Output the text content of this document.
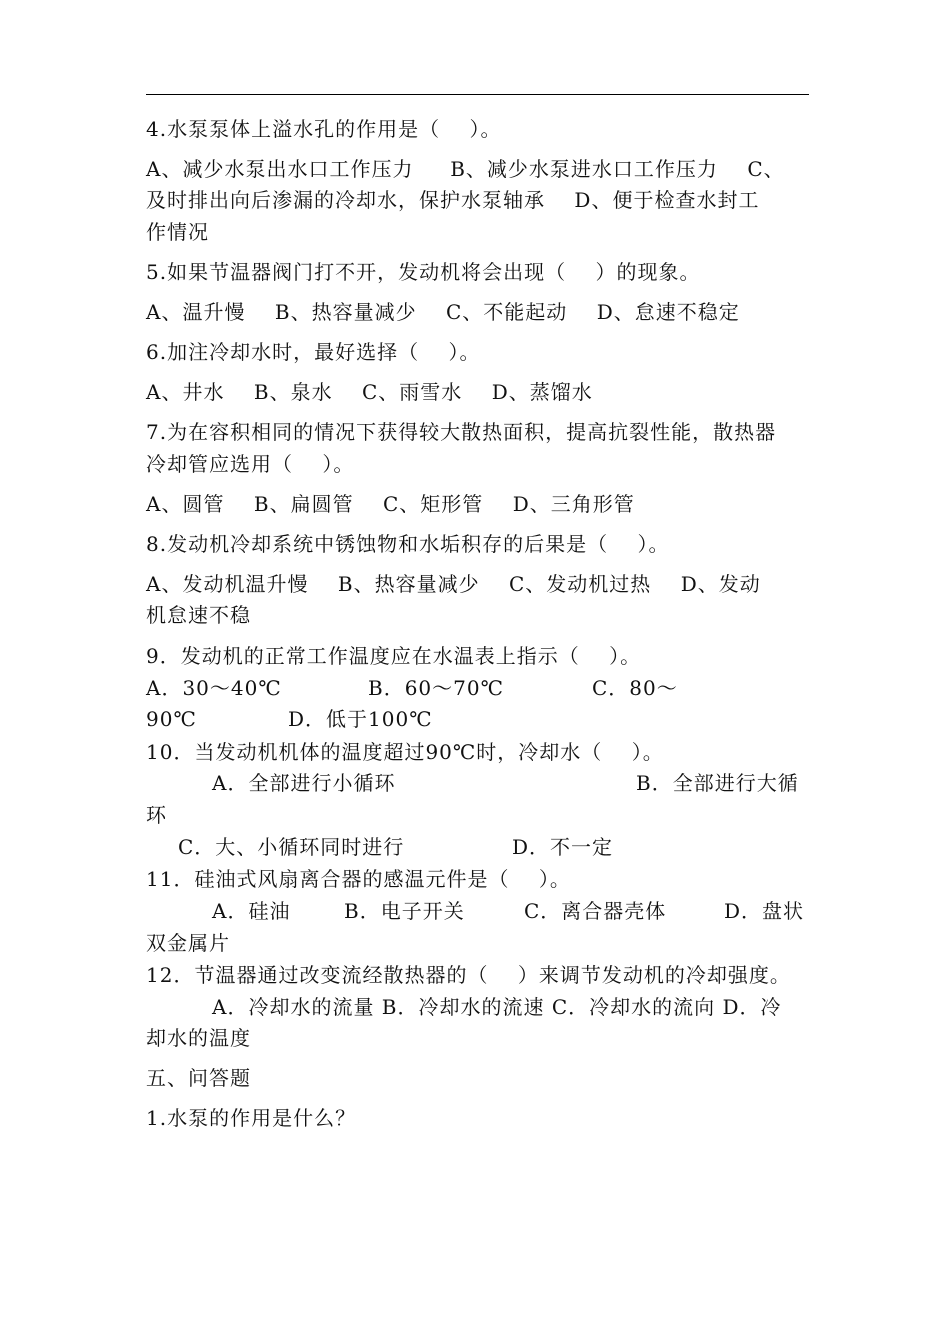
4.水泵泵体上溢水孔的作用是（    ）。
A、减少水泵出水口工作压力     B、减少水泵进水口工作压力    C、
及时排出向后渗漏的冷却水，保护水泵轴承    D、便于检查水封工
作情况
5.如果节温器阀门打不开，发动机将会出现（    ）的现象。
A、温升慢    B、热容量减少    C、不能起动    D、怠速不稳定
6.加注冷却水时，最好选择（    ）。
A、井水    B、泉水    C、雨雪水    D、蒸馏水
7.为在容积相同的情况下获得较大散热面积，提高抗裂性能，散热器
冷却管应选用（    ）。
A、圆管    B、扁圆管    C、矩形管    D、三角形管
8.发动机冷却系统中锈蚀物和水垢积存的后果是（    ）。
A、发动机温升慢    B、热容量减少    C、发动机过热    D、发动
机怠速不稳
9．发动机的正常工作温度应在水温表上指示（    ）。
A．30～40℃	B．60～70℃	C．80～
90℃	D．低于100℃
10．当发动机机体的温度超过90℃时，冷却水（    ）。
A．全部进行小循环	B．全部进行大循
环
C．大、小循环同时进行	D．不一定
11．硅油式风扇离合器的感温元件是（    ）。
A．硅油	B．电子开关	C．离合器壳体	D．盘状
双金属片
12．节温器通过改变流经散热器的（    ）来调节发动机的冷却强度。
A．冷却水的流量 B．冷却水的流速 C．冷却水的流向 D．冷
却水的温度
五、问答题
1.水泵的作用是什么？
